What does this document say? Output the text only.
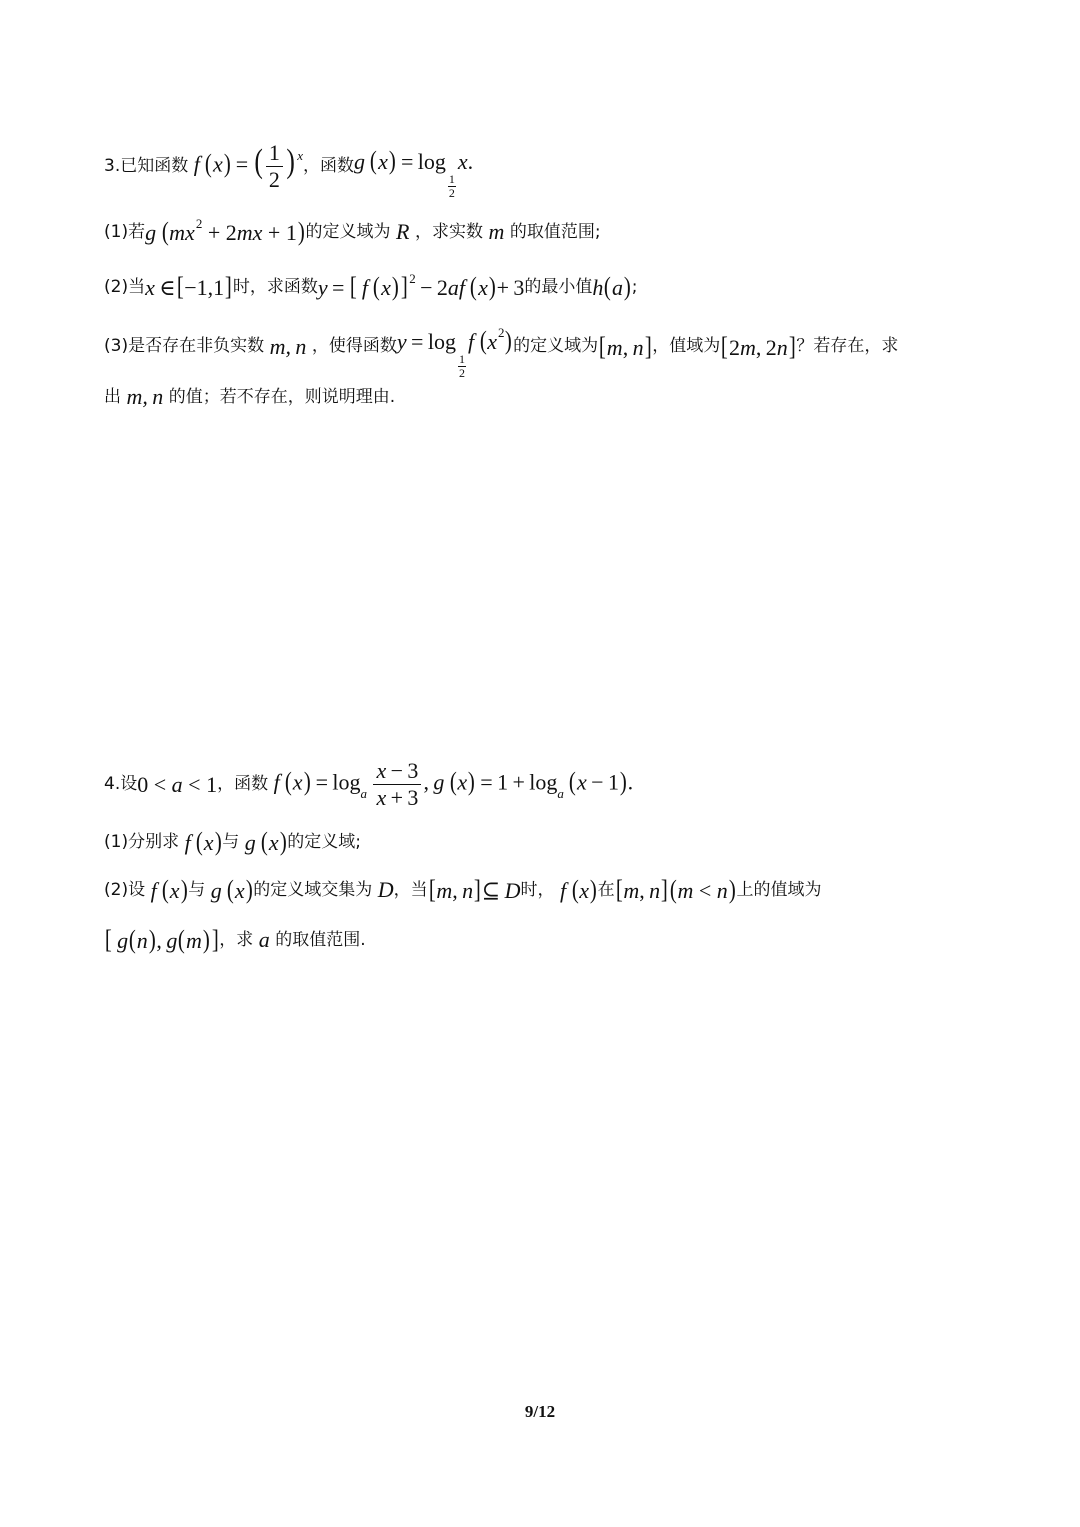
3.已知函数 f  (x) = ( $\frac{1}{2}$ ) $^x$
，函数 g  (x) = log
$\frac{1}{2}$
x.
(1)若 g  $(mx^2 + 2mx + 1)$ 的定义域为 R ，求实数 m 的取值范围;
(2)当 x ∈[−1,1] 时，求函数 y = [  f  (x)] $^2$ − 2af  (x)+ 3 的最小值 h(a) ;
(3)是否存在非负实数 m, n ，使得函数 y = log
$\frac{1}{2}$
f  $(x^2)$ 的定义域为 [m, n] ，值域为 [2m, 2n] ？若存在，求
出 m, n 的值；若不存在，则说明理由.
4.设 0 < a < 1 ，函数 f  $(x) = \log_a \frac{x - 3}{x + 3}$ , g  $(x) = 1 + \log_a (x - 1)$.
(1)分别求 f  (x) 与 g  (x) 的定义域;
(2)设 f  (x) 与 g  (x) 的定义域交集为 D ，当 [m, n]⊆ D 时， f  (x) 在 [m, n](m < n) 上的值域为
[  g(n), g(m)] ，求 a 的取值范围.
9/12
